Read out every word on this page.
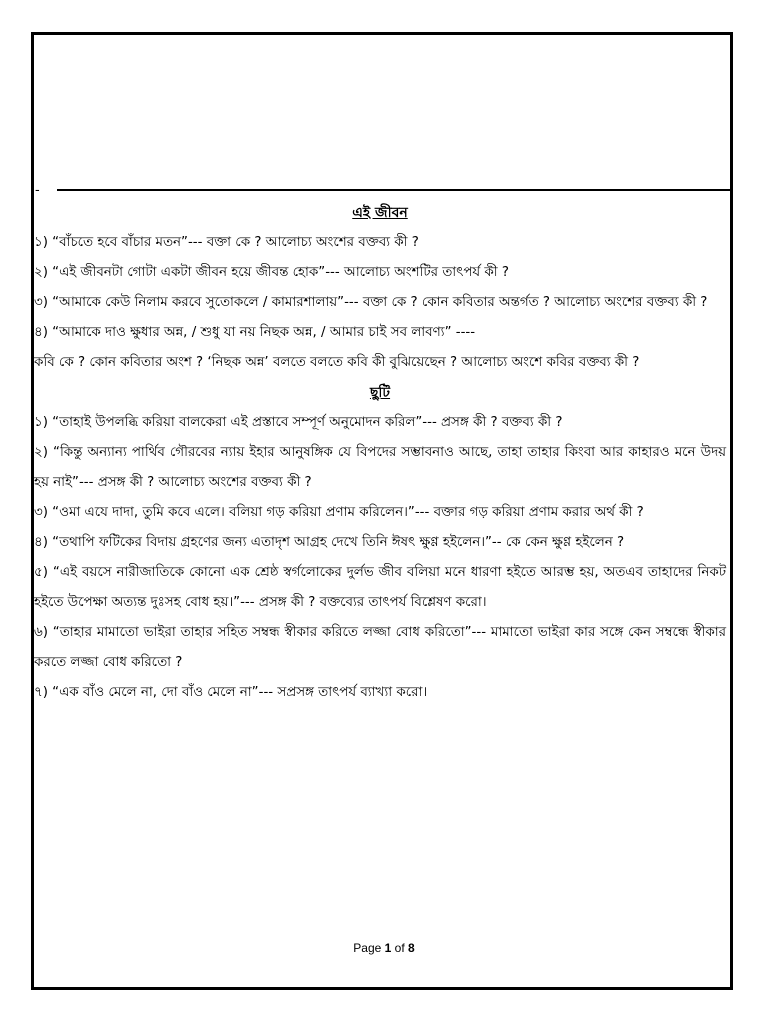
-
এই জীবন
১) “বাঁচতে হবে বাঁচার মতন”--- বক্তা কে ? আলোচ্য অংশের বক্তব্য কী ?
২) “এই জীবনটা গোটা একটা জীবন হয়ে জীবন্ত হোক”--- আলোচ্য অংশটির তাৎপর্য কী ?
৩) “আমাকে কেউ নিলাম করবে সুতোকলে / কামারশালায়”--- বক্তা কে ? কোন কবিতার অন্তর্গত ? আলোচ্য অংশের বক্তব্য কী ?
৪) “আমাকে দাও ক্ষুধার অন্ন, / শুধু যা নয় নিছক অন্ন, / আমার চাই সব লাবণ্য” ----
কবি কে ? কোন কবিতার অংশ ? ‘নিছক অন্ন’ বলতে বলতে কবি কী বুঝিয়েছেন ? আলোচ্য অংশে কবির বক্তব্য কী ?
ছুটি
১) “তাহাই উপলব্ধি করিয়া বালকেরা এই প্রস্তাবে সম্পূর্ণ অনুমোদন করিল”--- প্রসঙ্গ কী ? বক্তব্য কী ?
২) “কিন্তু অন্যান্য পার্থিব গৌরবের ন্যায় ইহার আনুষঙ্গিক যে বিপদের সম্ভাবনাও আছে, তাহা তাহার কিংবা আর কাহারও মনে উদয় হয় নাই”--- প্রসঙ্গ কী ? আলোচ্য অংশের বক্তব্য কী ?
৩) “ওমা এযে দাদা, তুমি কবে এলে। বলিয়া গড় করিয়া প্রণাম করিলেন।”--- বক্তার গড় করিয়া প্রণাম করার অর্থ কী ?
৪) “তথাপি ফটিকের বিদায় গ্রহণের জন্য এতাদৃশ আগ্রহ দেখে তিনি ঈষৎ ক্ষুণ্ণ হইলেন।”-- কে কেন ক্ষুণ্ণ হইলেন ?
৫) “এই বয়সে নারীজাতিকে কোনো এক শ্রেষ্ঠ স্বর্গলোকের দুর্লভ জীব বলিয়া মনে ধারণা হইতে আরম্ভ হয়, অতএব তাহাদের নিকট হইতে উপেক্ষা অত্যন্ত দুঃসহ বোধ হয়।”--- প্রসঙ্গ কী ? বক্তব্যের তাৎপর্য বিশ্লেষণ করো।
৬) “তাহার মামাতো ভাইরা তাহার সহিত সম্বন্ধ স্বীকার করিতে লজ্জা বোধ করিতো”--- মামাতো ভাইরা কার সঙ্গে কেন সম্বন্ধে স্বীকার করতে লজ্জা বোধ করিতো ?
৭) “এক বাঁও মেলে না, দো বাঁও মেলে না”--- সপ্রসঙ্গ তাৎপর্য ব্যাখ্যা করো।
Page 1 of 8
